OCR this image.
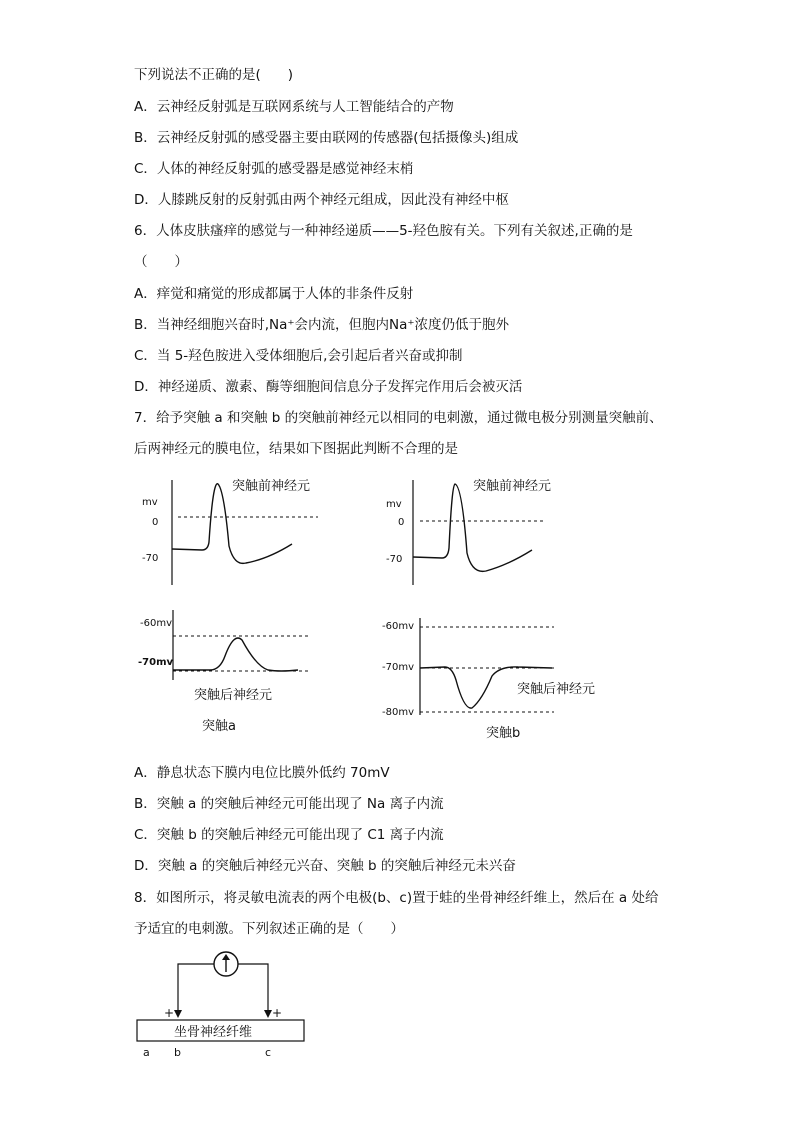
下列说法不正确的是(　　)
A．云神经反射弧是互联网系统与人工智能结合的产物
B．云神经反射弧的感受器主要由联网的传感器(包括摄像头)组成
C．人体的神经反射弧的感受器是感觉神经末梢
D．人膝跳反射的反射弧由两个神经元组成，因此没有神经中枢
6．人体皮肤瘙痒的感觉与一种神经递质——5-羟色胺有关。下列有关叙述,正确的是
（　　）
A．痒觉和痛觉的形成都属于人体的非条件反射
B．当神经细胞兴奋时,Na⁺会内流，但胞内Na⁺浓度仍低于胞外
C．当 5-羟色胺进入受体细胞后,会引起后者兴奋或抑制
D．神经递质、激素、酶等细胞间信息分子发挥完作用后会被灭活
7．给予突触 a 和突触 b 的突触前神经元以相同的电刺激，通过微电极分别测量突触前、
后两神经元的膜电位，结果如下图据此判断不合理的是
mv
0
-70
突触前神经元
mv
0
-70
突触前神经元
-60mv
-70mv
突触后神经元
突触a
-60mv
-70mv
-80mv
突触后神经元
突触b
A．静息状态下膜内电位比膜外低约 70mV
B．突触 a 的突触后神经元可能出现了 Na 离子内流
C．突触 b 的突触后神经元可能出现了 C1 离子内流
D．突触 a 的突触后神经元兴奋、突触 b 的突触后神经元未兴奋
8．如图所示，将灵敏电流表的两个电极(b、c)置于蛙的坐骨神经纤维上，然后在 a 处给
予适宜的电刺激。下列叙述正确的是（　　）
+	+
坐骨神经纤维
a b	c
